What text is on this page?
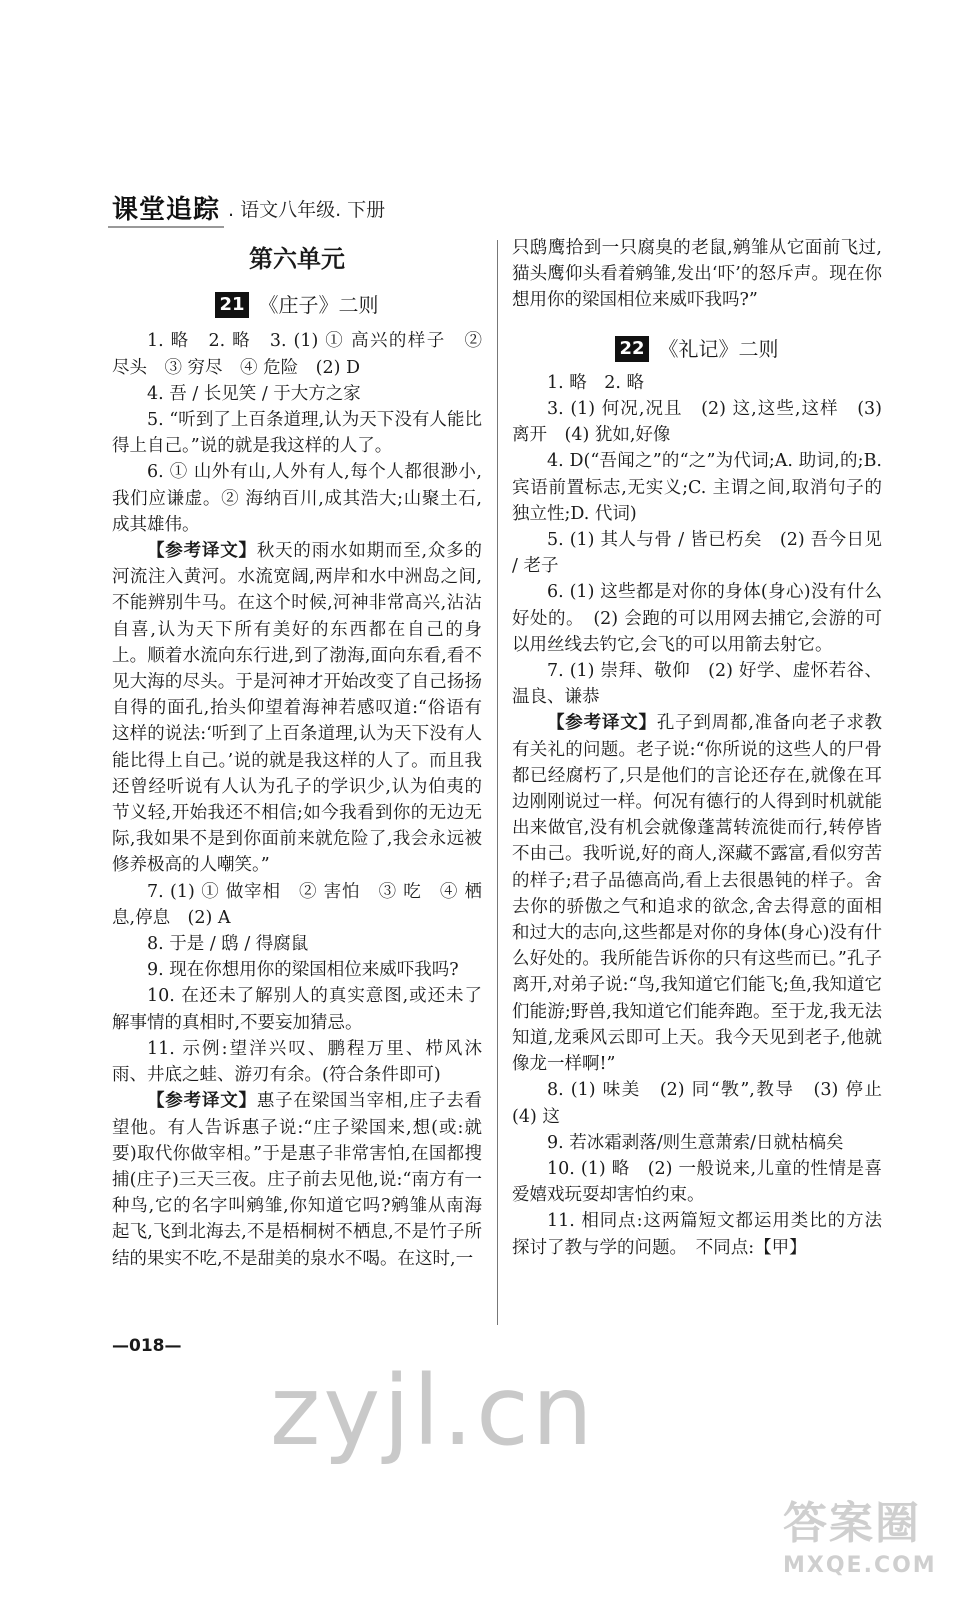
课堂追踪 . 语文八年级. 下册
第六单元
21 《庄子》二则

1. 略　2. 略　3. (1) ① 高兴的样子　② 尽头　③ 穷尽　④ 危险　(2) D

4. 吾 / 长见笑 / 于大方之家

5. “听到了上百条道理,认为天下没有人能比得上自己。”说的就是我这样的人了。

6. ① 山外有山,人外有人,每个人都很渺小,我们应谦虚。② 海纳百川,成其浩大;山聚土石,成其雄伟。

【参考译文】秋天的雨水如期而至,众多的河流注入黄河。水流宽阔,两岸和水中洲岛之间,不能辨别牛马。在这个时候,河神非常高兴,沾沾自喜,认为天下所有美好的东西都在自己的身上。顺着水流向东行进,到了渤海,面向东看,看不见大海的尽头。于是河神才开始改变了自己扬扬自得的面孔,抬头仰望着海神若感叹道:“俗语有这样的说法:‘听到了上百条道理,认为天下没有人能比得上自己。’说的就是我这样的人了。而且我还曾经听说有人认为孔子的学识少,认为伯夷的节义轻,开始我还不相信;如今我看到你的无边无际,我如果不是到你面前来就危险了,我会永远被修养极高的人嘲笑。”

7. (1) ① 做宰相　② 害怕　③ 吃　④ 栖息,停息　(2) A

8. 于是 / 鸱 / 得腐鼠

9. 现在你想用你的梁国相位来威吓我吗?

10. 在还未了解别人的真实意图,或还未了解事情的真相时,不要妄加猜忌。

11. 示例:望洋兴叹、鹏程万里、栉风沐雨、井底之蛙、游刃有余。(符合条件即可)

【参考译文】惠子在梁国当宰相,庄子去看望他。有人告诉惠子说:“庄子梁国来,想(或:就要)取代你做宰相。”于是惠子非常害怕,在国都搜捕(庄子)三天三夜。庄子前去见他,说:“南方有一种鸟,它的名字叫鹓雏,你知道它吗?鹓雏从南海起飞,飞到北海去,不是梧桐树不栖息,不是竹子所结的果实不吃,不是甜美的泉水不喝。在这时,一

只鸱鹰拾到一只腐臭的老鼠,鹓雏从它面前飞过,猫头鹰仰头看着鹓雏,发出‘吓’的怒斥声。现在你想用你的梁国相位来威吓我吗?”

22 《礼记》二则

1. 略　2. 略

3. (1) 何况,况且　(2) 这,这些,这样　(3) 离开　(4) 犹如,好像

4. D(“吾闻之”的“之”为代词;A. 助词,的;B. 宾语前置标志,无实义;C. 主谓之间,取消句子的独立性;D. 代词)

5. (1) 其人与骨 / 皆已朽矣　(2) 吾今日见 / 老子

6. (1) 这些都是对你的身体(身心)没有什么好处的。　(2) 会跑的可以用网去捕它,会游的可以用丝线去钓它,会飞的可以用箭去射它。

7. (1) 崇拜、敬仰　(2) 好学、虚怀若谷、温良、谦恭

【参考译文】孔子到周都,准备向老子求教有关礼的问题。老子说:“你所说的这些人的尸骨都已经腐朽了,只是他们的言论还存在,就像在耳边刚刚说过一样。何况有德行的人得到时机就能出来做官,没有机会就像蓬蒿转流徙而行,转停皆不由己。我听说,好的商人,深藏不露富,看似穷苦的样子;君子品德高尚,看上去很愚钝的样子。舍去你的骄傲之气和追求的欲念,舍去得意的面相和过大的志向,这些都是对你的身体(身心)没有什么好处的。我所能告诉你的只有这些而已。”孔子离开,对弟子说:“鸟,我知道它们能飞;鱼,我知道它们能游;野兽,我知道它们能奔跑。至于龙,我无法知道,龙乘风云即可上天。我今天见到老子,他就像龙一样啊!”

8. (1) 味美　(2) 同“斆”,教导　(3) 停止　(4) 这

9. 若冰霜剥落/则生意萧索/日就枯槁矣

10. (1) 略　(2) 一般说来,儿童的性情是喜爱嬉戏玩耍却害怕约束。

11. 相同点:这两篇短文都运用类比的方法探讨了教与学的问题。　不同点:【甲】

—018—
zyjl.cn
答案圈
MXQE.COM
